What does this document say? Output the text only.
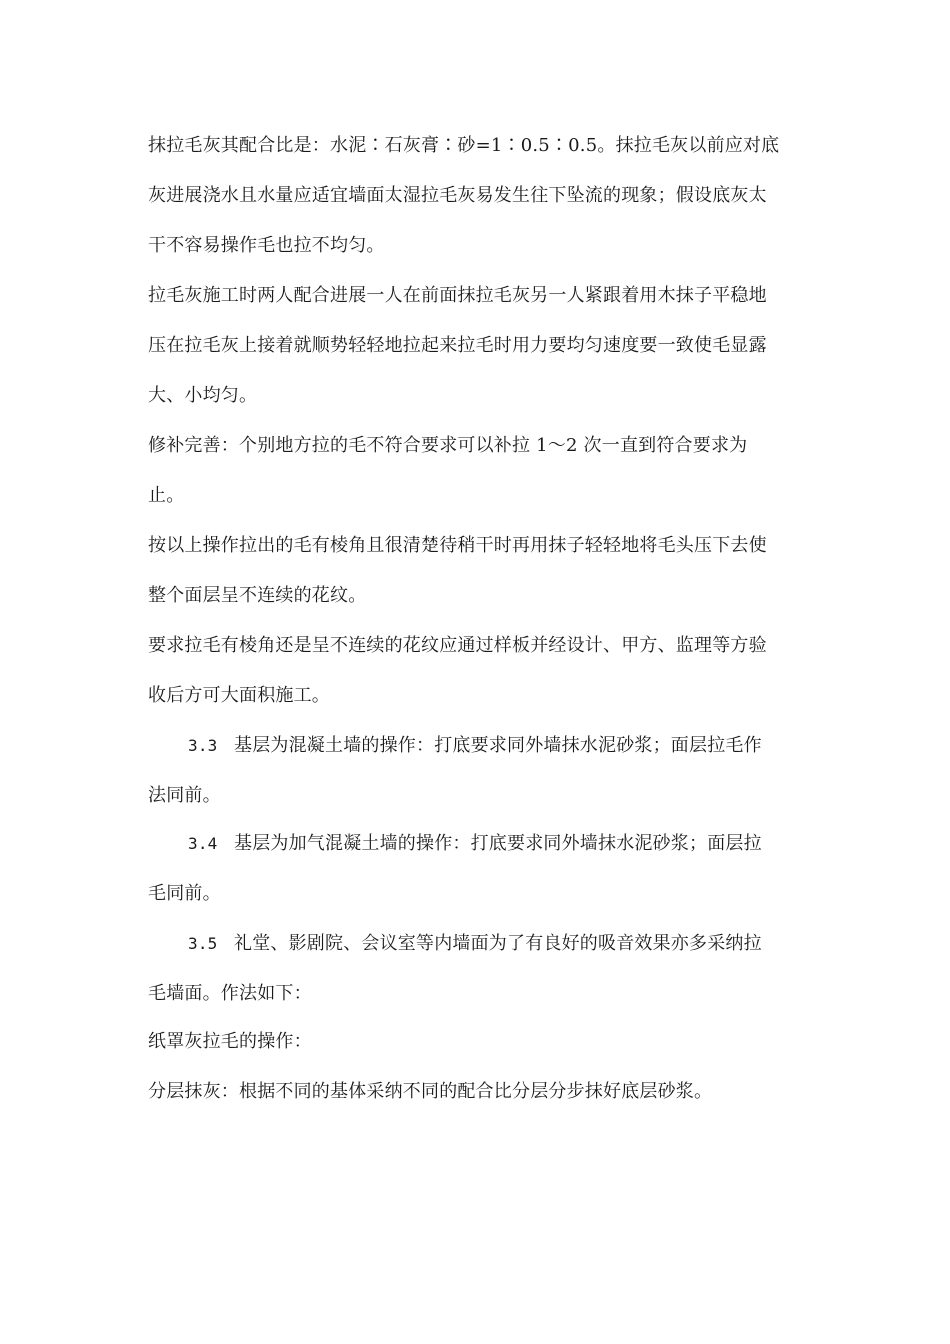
抹拉毛灰其配合比是：水泥∶石灰膏∶砂=1∶0.5∶0.5。抹拉毛灰以前应对底
灰进展浇水且水量应适宜墙面太湿拉毛灰易发生往下坠流的现象；假设底灰太
干不容易操作毛也拉不均匀。
拉毛灰施工时两人配合进展一人在前面抹拉毛灰另一人紧跟着用木抹子平稳地
压在拉毛灰上接着就顺势轻轻地拉起来拉毛时用力要均匀速度要一致使毛显露
大、小均匀。
修补完善：个别地方拉的毛不符合要求可以补拉 1～2 次一直到符合要求为
止。
按以上操作拉出的毛有棱角且很清楚待稍干时再用抹子轻轻地将毛头压下去使
整个面层呈不连续的花纹。
要求拉毛有棱角还是呈不连续的花纹应通过样板并经设计、甲方、监理等方验
收后方可大面积施工。
3.3 基层为混凝土墙的操作：打底要求同外墙抹水泥砂浆；面层拉毛作
法同前。
3.4 基层为加气混凝土墙的操作：打底要求同外墙抹水泥砂浆；面层拉
毛同前。
3.5 礼堂、影剧院、会议室等内墙面为了有良好的吸音效果亦多采纳拉
毛墙面。作法如下：
纸罩灰拉毛的操作：
分层抹灰：根据不同的基体采纳不同的配合比分层分步抹好底层砂浆。
